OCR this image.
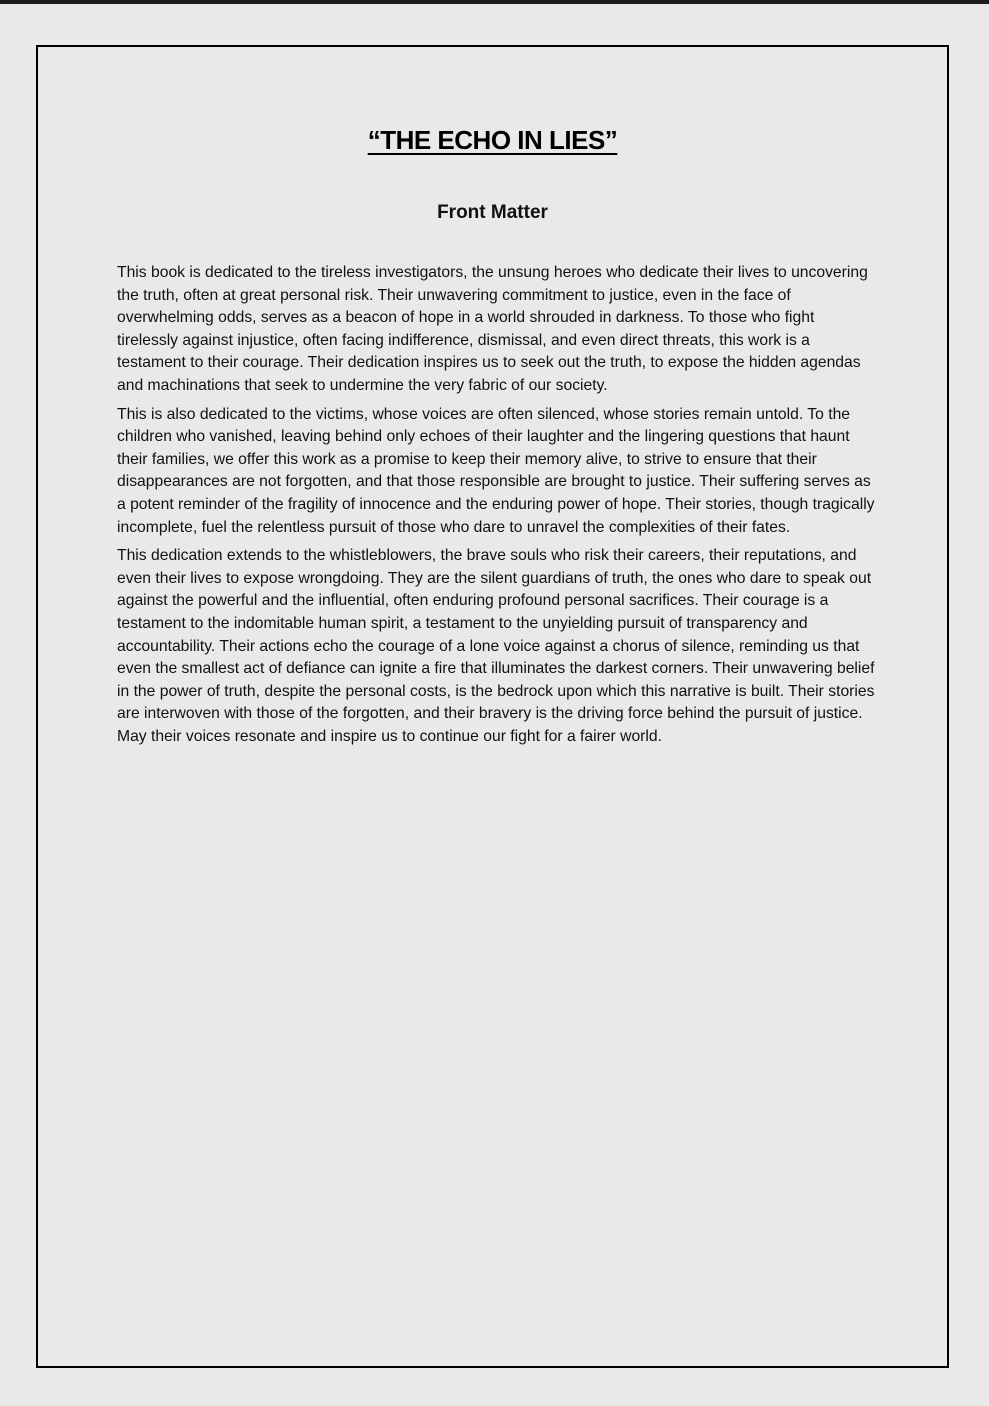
“THE ECHO IN LIES”
Front Matter

This book is dedicated to the tireless investigators, the unsung heroes who dedicate their lives to uncovering the truth, often at great personal risk. Their unwavering commitment to justice, even in the face of overwhelming odds, serves as a beacon of hope in a world shrouded in darkness. To those who fight tirelessly against injustice, often facing indifference, dismissal, and even direct threats, this work is a testament to their courage. Their dedication inspires us to seek out the truth, to expose the hidden agendas and machinations that seek to undermine the very fabric of our society.

This is also dedicated to the victims, whose voices are often silenced, whose stories remain untold. To the children who vanished, leaving behind only echoes of their laughter and the lingering questions that haunt their families, we offer this work as a promise to keep their memory alive, to strive to ensure that their disappearances are not forgotten, and that those responsible are brought to justice. Their suffering serves as a potent reminder of the fragility of innocence and the enduring power of hope. Their stories, though tragically incomplete, fuel the relentless pursuit of those who dare to unravel the complexities of their fates.

This dedication extends to the whistleblowers, the brave souls who risk their careers, their reputations, and even their lives to expose wrongdoing. They are the silent guardians of truth, the ones who dare to speak out against the powerful and the influential, often enduring profound personal sacrifices. Their courage is a testament to the indomitable human spirit, a testament to the unyielding pursuit of transparency and accountability. Their actions echo the courage of a lone voice against a chorus of silence, reminding us that even the smallest act of defiance can ignite a fire that illuminates the darkest corners. Their unwavering belief in the power of truth, despite the personal costs, is the bedrock upon which this narrative is built. Their stories are interwoven with those of the forgotten, and their bravery is the driving force behind the pursuit of justice. May their voices resonate and inspire us to continue our fight for a fairer world.
